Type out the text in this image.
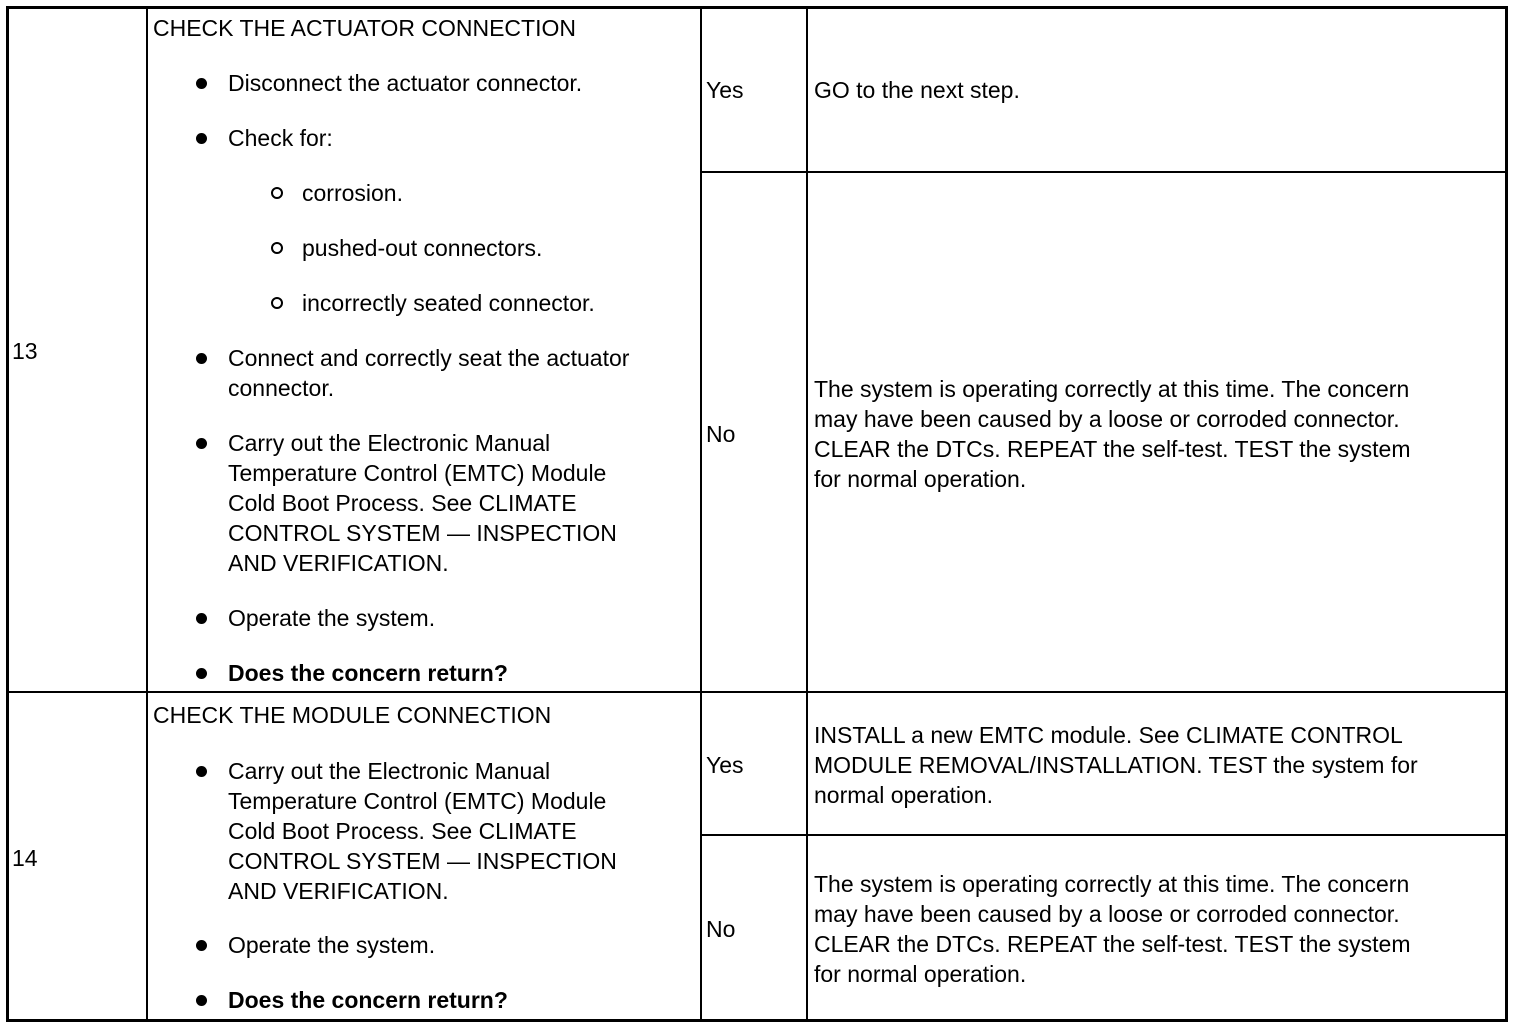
13
CHECK THE ACTUATOR CONNECTION
Disconnect the actuator connector.
Check for:
corrosion.
pushed-out connectors.
incorrectly seated connector.
Connect and correctly seat the actuator
connector.
Carry out the Electronic Manual
Temperature Control (EMTC) Module
Cold Boot Process. See CLIMATE
CONTROL SYSTEM — INSPECTION
AND VERIFICATION.
Operate the system.
Does the concern return?
Yes	GO to the next step.
No
The system is operating correctly at this time. The concern
may have been caused by a loose or corroded connector.
CLEAR the DTCs. REPEAT the self-test. TEST the system
for normal operation.
14
CHECK THE MODULE CONNECTION
Carry out the Electronic Manual
Temperature Control (EMTC) Module
Cold Boot Process. See CLIMATE
CONTROL SYSTEM — INSPECTION
AND VERIFICATION.
Operate the system.
Does the concern return?
Yes
INSTALL a new EMTC module. See CLIMATE CONTROL
MODULE REMOVAL/INSTALLATION. TEST the system for
normal operation.
No
The system is operating correctly at this time. The concern
may have been caused by a loose or corroded connector.
CLEAR the DTCs. REPEAT the self-test. TEST the system
for normal operation.
